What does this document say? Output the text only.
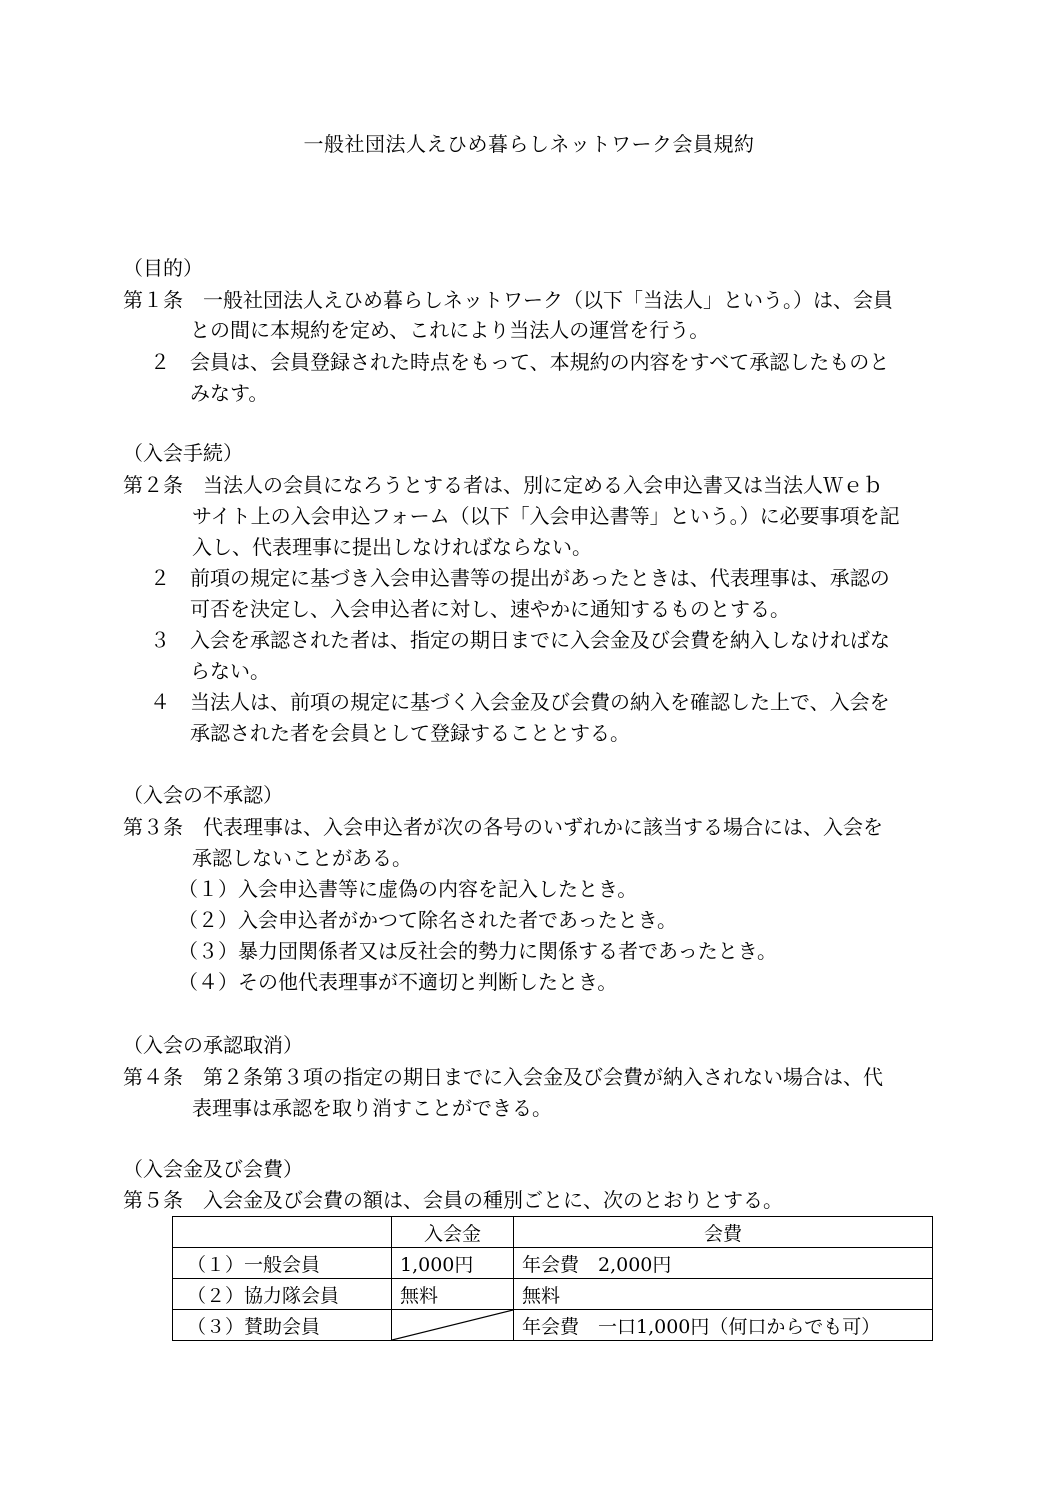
一般社団法人えひめ暮らしネットワーク会員規約
（目的）
第１条　一般社団法人えひめ暮らしネットワーク（以下「当法人」という。）は、会員
との間に本規約を定め、これにより当法人の運営を行う。
２ 会員は、会員登録された時点をもって、本規約の内容をすべて承認したものと
みなす。
（入会手続）
第２条　当法人の会員になろうとする者は、別に定める入会申込書又は当法人Ｗｅｂ
サイト上の入会申込フォーム（以下「入会申込書等」という。）に必要事項を記
入し、代表理事に提出しなければならない。
２ 前項の規定に基づき入会申込書等の提出があったときは、代表理事は、承認の
可否を決定し、入会申込者に対し、速やかに通知するものとする。
３ 入会を承認された者は、指定の期日までに入会金及び会費を納入しなければな
らない。
４ 当法人は、前項の規定に基づく入会金及び会費の納入を確認した上で、入会を
承認された者を会員として登録することとする。
（入会の不承認）
第３条　代表理事は、入会申込者が次の各号のいずれかに該当する場合には、入会を
承認しないことがある。
（１）入会申込書等に虚偽の内容を記入したとき。
（２）入会申込者がかつて除名された者であったとき。
（３）暴力団関係者又は反社会的勢力に関係する者であったとき。
（４）その他代表理事が不適切と判断したとき。
（入会の承認取消）
第４条　第２条第３項の指定の期日までに入会金及び会費が納入されない場合は、代
表理事は承認を取り消すことができる。
（入会金及び会費）
第５条　入会金及び会費の額は、会員の種別ごとに、次のとおりとする。
	入会金	会費
（１）一般会員	1,000円	年会費　2,000円
（２）協力隊会員	無料	無料
（３）賛助会員		年会費　一口1,000円（何口からでも可）
